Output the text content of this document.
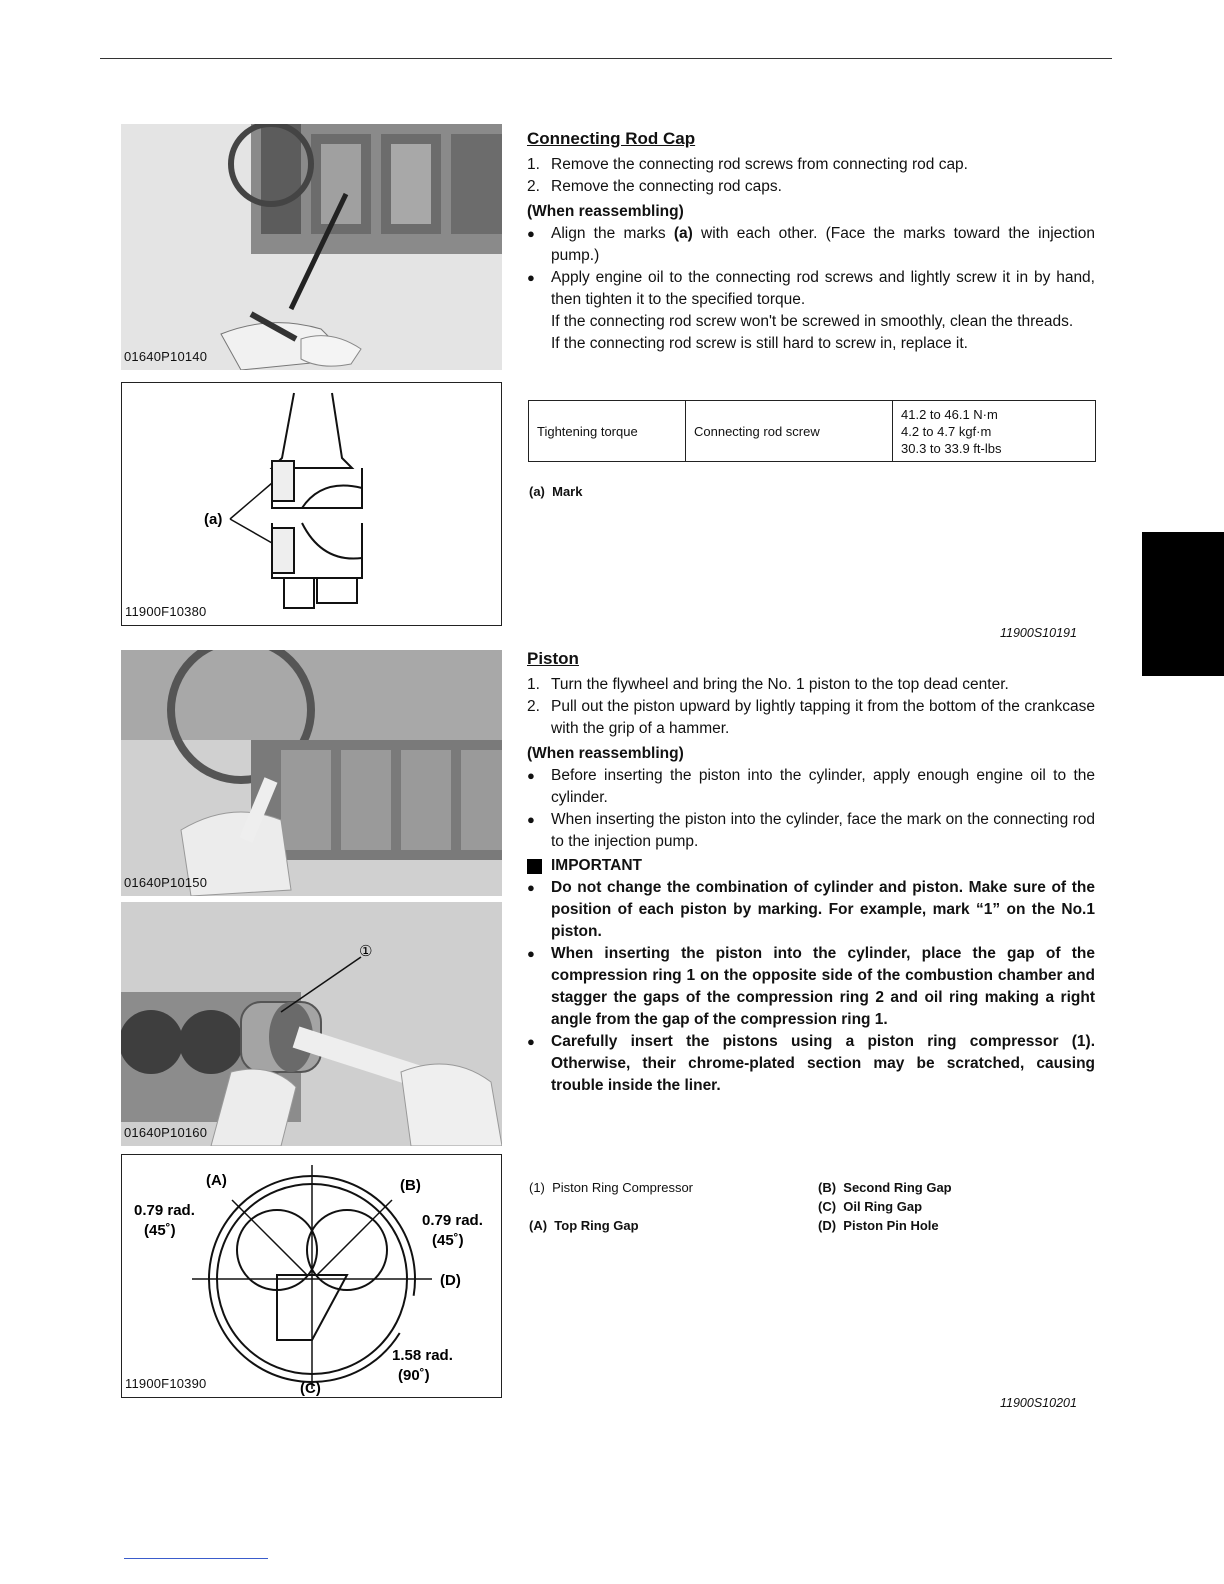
01640P10140
(a)
11900F10380
01640P10150
①
01640P10160
(A)	(B)
(C)
(D)
0.79 rad.
(45˚)
0.79 rad.
(45˚)
1.58 rad.
(90˚)
11900F10390
Connecting Rod Cap
1. Remove the connecting rod screws from connecting rod cap.
2. Remove the connecting rod caps.
(When reassembling)
●	Align the marks (a) with each other. (Face the marks toward the injection pump.)
●	Apply engine oil to the connecting rod screws and lightly screw it in by hand, then tighten it to the specified torque.
If the connecting rod screw won't be screwed in smoothly, clean the threads.
If the connecting rod screw is still hard to screw in, replace it.
Tightening torque	Connecting rod screw	
41.2 to 46.1 N·m
4.2 to 4.7 kgf·m
30.3 to 33.9 ft-lbs
(a) Mark
11900S10191
Piston
1. Turn the flywheel and bring the No. 1 piston to the top dead center.
2. Pull out the piston upward by lightly tapping it from the bottom of the crankcase with the grip of a hammer.
(When reassembling)
●	Before inserting the piston into the cylinder, apply enough engine oil to the cylinder.
●	When inserting the piston into the cylinder, face the mark on the connecting rod to the injection pump.
IMPORTANT
●	Do not change the combination of cylinder and piston. Make sure of the position of each piston by marking. For example, mark “1” on the No.1 piston.
●	When inserting the piston into the cylinder, place the gap of the compression ring 1 on the opposite side of the combustion chamber and stagger the gaps of the compression ring 2 and oil ring making a right angle from the gap of the compression ring 1.
●	Carefully insert the pistons using a piston ring compressor (1). Otherwise, their chrome-plated section may be scratched, causing trouble inside the liner.
(1) Piston Ring Compressor
(A) Top Ring Gap
(B) Second Ring Gap
(C) Oil Ring Gap
(D) Piston Pin Hole
11900S10201
